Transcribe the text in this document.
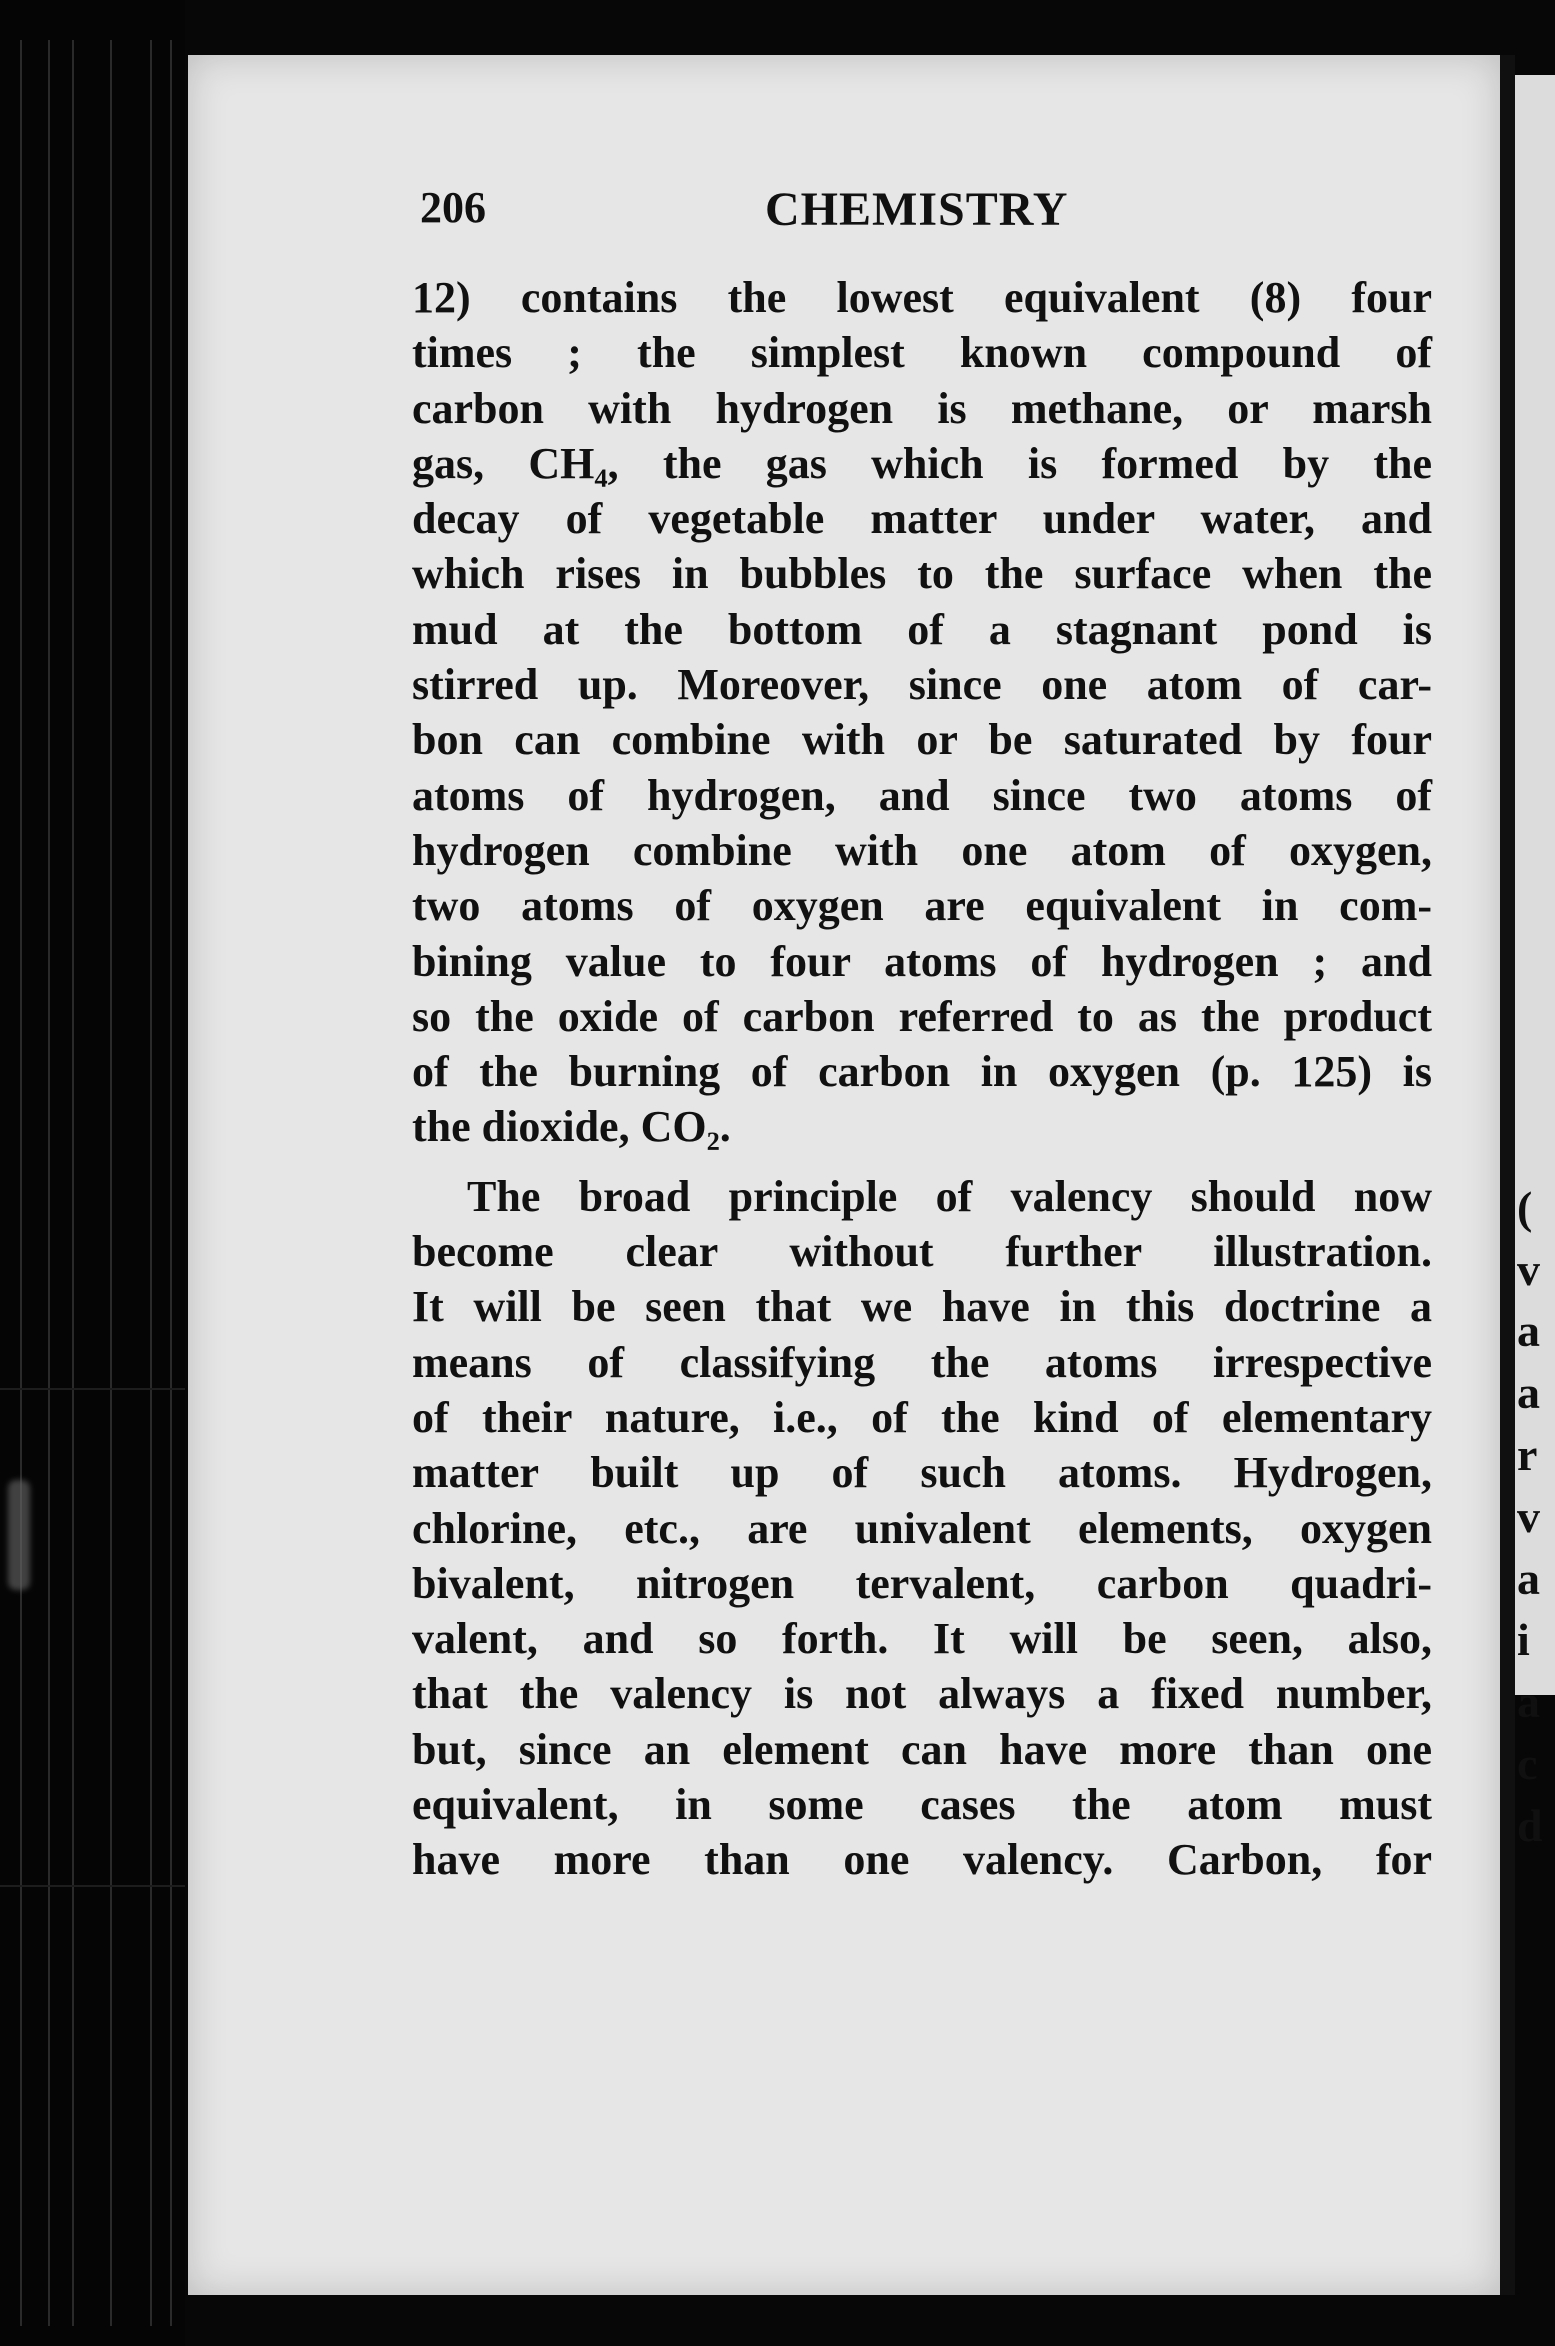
(
v
a
a
r
v
a
i
a
c
d
206	CHEMISTRY
12) contains the lowest equivalent (8) four
times ; the simplest known compound of
carbon with hydrogen is methane, or marsh
gas, CH₄, the gas which is formed by the
decay of vegetable matter under water, and
which rises in bubbles to the surface when the
mud at the bottom of a stagnant pond is
stirred up. Moreover, since one atom of car-
bon can combine with or be saturated by four
atoms of hydrogen, and since two atoms of
hydrogen combine with one atom of oxygen,
two atoms of oxygen are equivalent in com-
bining value to four atoms of hydrogen ; and
so the oxide of carbon referred to as the product
of the burning of carbon in oxygen (p. 125) is
the dioxide, CO₂.
The broad principle of valency should now
become clear without further illustration.
It will be seen that we have in this doctrine a
means of classifying the atoms irrespective
of their nature, i.e., of the kind of elementary
matter built up of such atoms. Hydrogen,
chlorine, etc., are univalent elements, oxygen
bivalent, nitrogen tervalent, carbon quadri-
valent, and so forth. It will be seen, also,
that the valency is not always a fixed number,
but, since an element can have more than one
equivalent, in some cases the atom must
have more than one valency. Carbon, for
